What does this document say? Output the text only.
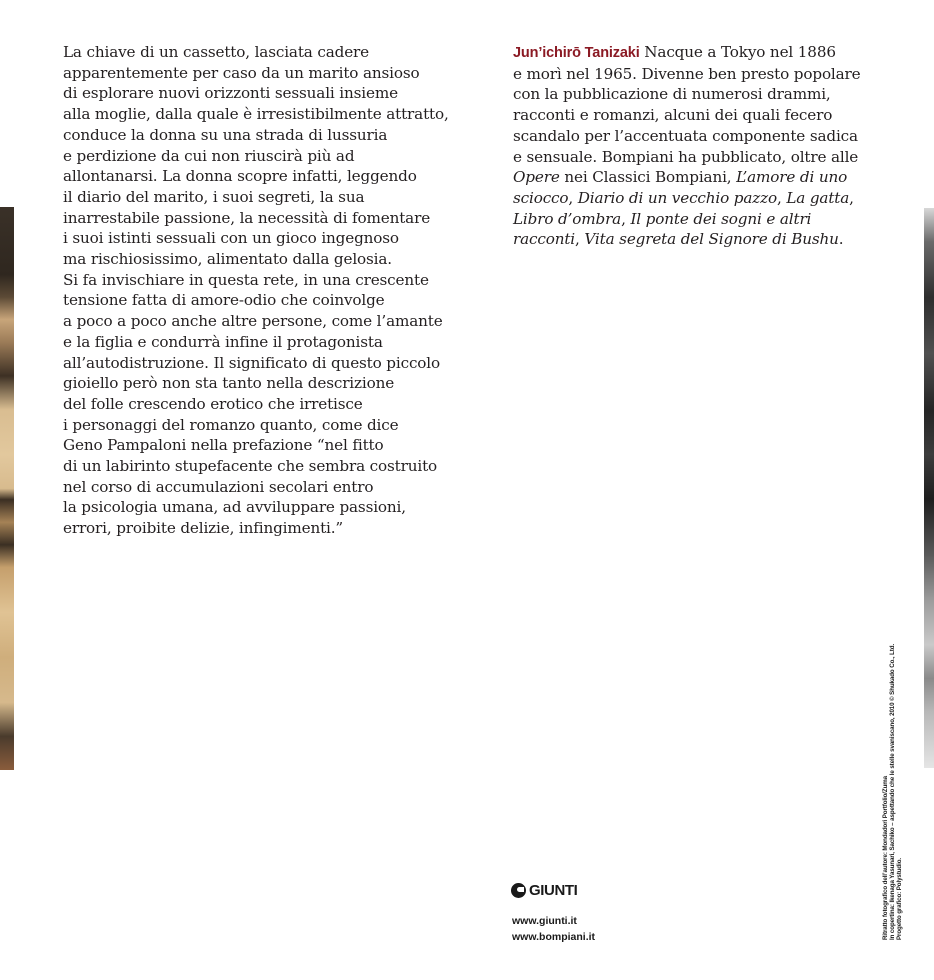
La chiave di un cassetto, lasciata cadere
apparentemente per caso da un marito ansioso
di esplorare nuovi orizzonti sessuali insieme
alla moglie, dalla quale è irresistibilmente attratto,
conduce la donna su una strada di lussuria
e perdizione da cui non riuscirà più ad
allontanarsi. La donna scopre infatti, leggendo
il diario del marito, i suoi segreti, la sua
inarrestabile passione, la necessità di fomentare
i suoi istinti sessuali con un gioco ingegnoso
ma rischiosissimo, alimentato dalla gelosia.
Si fa invischiare in questa rete, in una crescente
tensione fatta di amore-odio che coinvolge
a poco a poco anche altre persone, come l’amante
e la figlia e condurrà infine il protagonista
all’autodistruzione. Il significato di questo piccolo
gioiello però non sta tanto nella descrizione
del folle crescendo erotico che irretisce
i personaggi del romanzo quanto, come dice
Geno Pampaloni nella prefazione “nel fitto
di un labirinto stupefacente che sembra costruito
nel corso di accumulazioni secolari entro
la psicologia umana, ad avviluppare passioni,
errori, proibite delizie, infingimenti.”
Jun’ichirō Tanizaki Nacque a Tokyo nel 1886
e morì nel 1965. Divenne ben presto popolare
con la pubblicazione di numerosi drammi,
racconti e romanzi, alcuni dei quali fecero
scandalo per l’accentuata componente sadica
e sensuale. Bompiani ha pubblicato, oltre alle
Opere nei Classici Bompiani, L’amore di uno
sciocco, Diario di un vecchio pazzo, La gatta,
Libro d’ombra, Il ponte dei sogni e altri
racconti, Vita segreta del Signore di Bushu.
GIUNTI
www.giunti.it
www.bompiani.it	Ritratto fotografico dell’autore: Mondadori Portfolio/Zuma In copertina: Ikenaga Yasunari, Sachiko – aspettando che le stelle svaniscano, 2010 © Shukado Co., Ltd. Progetto grafico: Polystudio.
